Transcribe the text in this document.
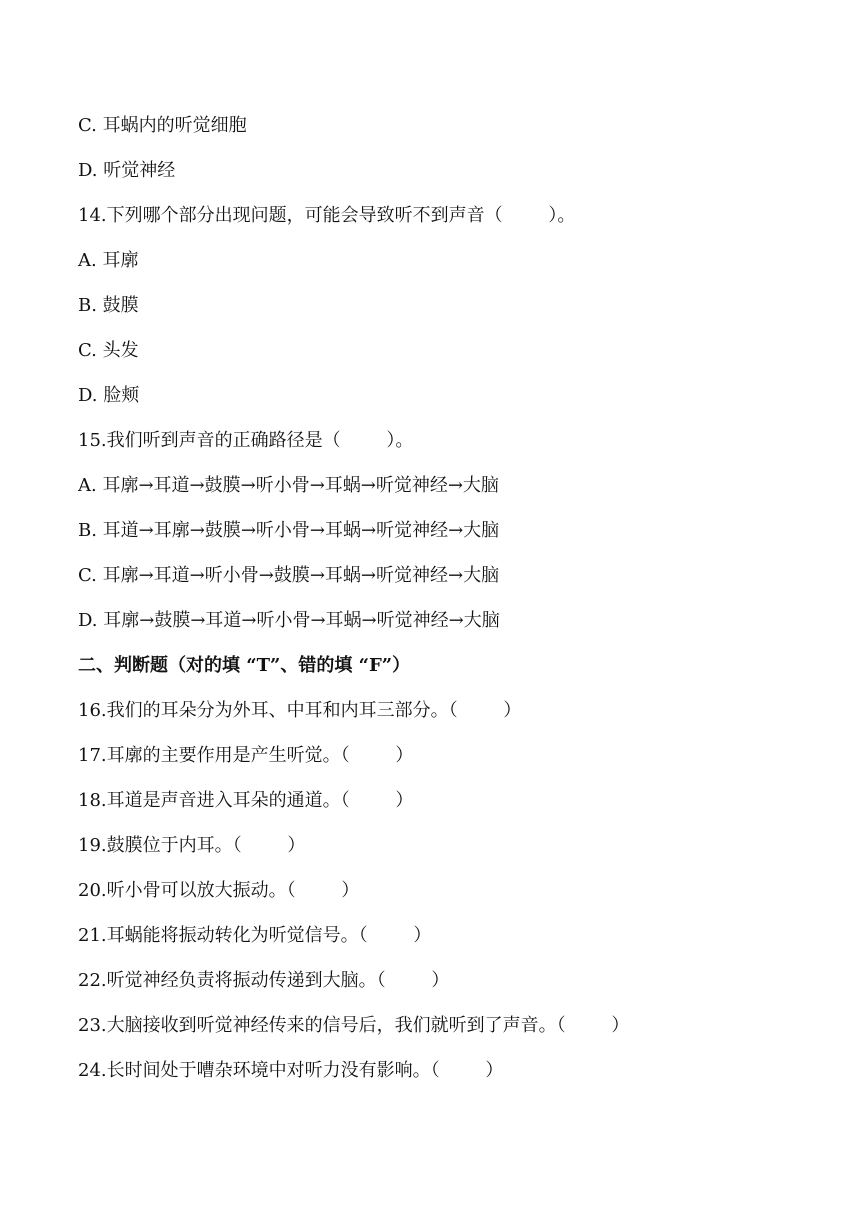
C. 耳蜗内的听觉细胞
D. 听觉神经
14.下列哪个部分出现问题，可能会导致听不到声音（        ）。
A. 耳廓
B. 鼓膜
C. 头发
D. 脸颊
15.我们听到声音的正确路径是（        ）。
A. 耳廓→耳道→鼓膜→听小骨→耳蜗→听觉神经→大脑
B. 耳道→耳廓→鼓膜→听小骨→耳蜗→听觉神经→大脑
C. 耳廓→耳道→听小骨→鼓膜→耳蜗→听觉神经→大脑
D. 耳廓→鼓膜→耳道→听小骨→耳蜗→听觉神经→大脑
二、判断题（对的填 “T”、错的填 “F”）
16.我们的耳朵分为外耳、中耳和内耳三部分。（        ）
17.耳廓的主要作用是产生听觉。（        ）
18.耳道是声音进入耳朵的通道。（        ）
19.鼓膜位于内耳。（        ）
20.听小骨可以放大振动。（        ）
21.耳蜗能将振动转化为听觉信号。（        ）
22.听觉神经负责将振动传递到大脑。（        ）
23.大脑接收到听觉神经传来的信号后，我们就听到了声音。（        ）
24.长时间处于嘈杂环境中对听力没有影响。（        ）
